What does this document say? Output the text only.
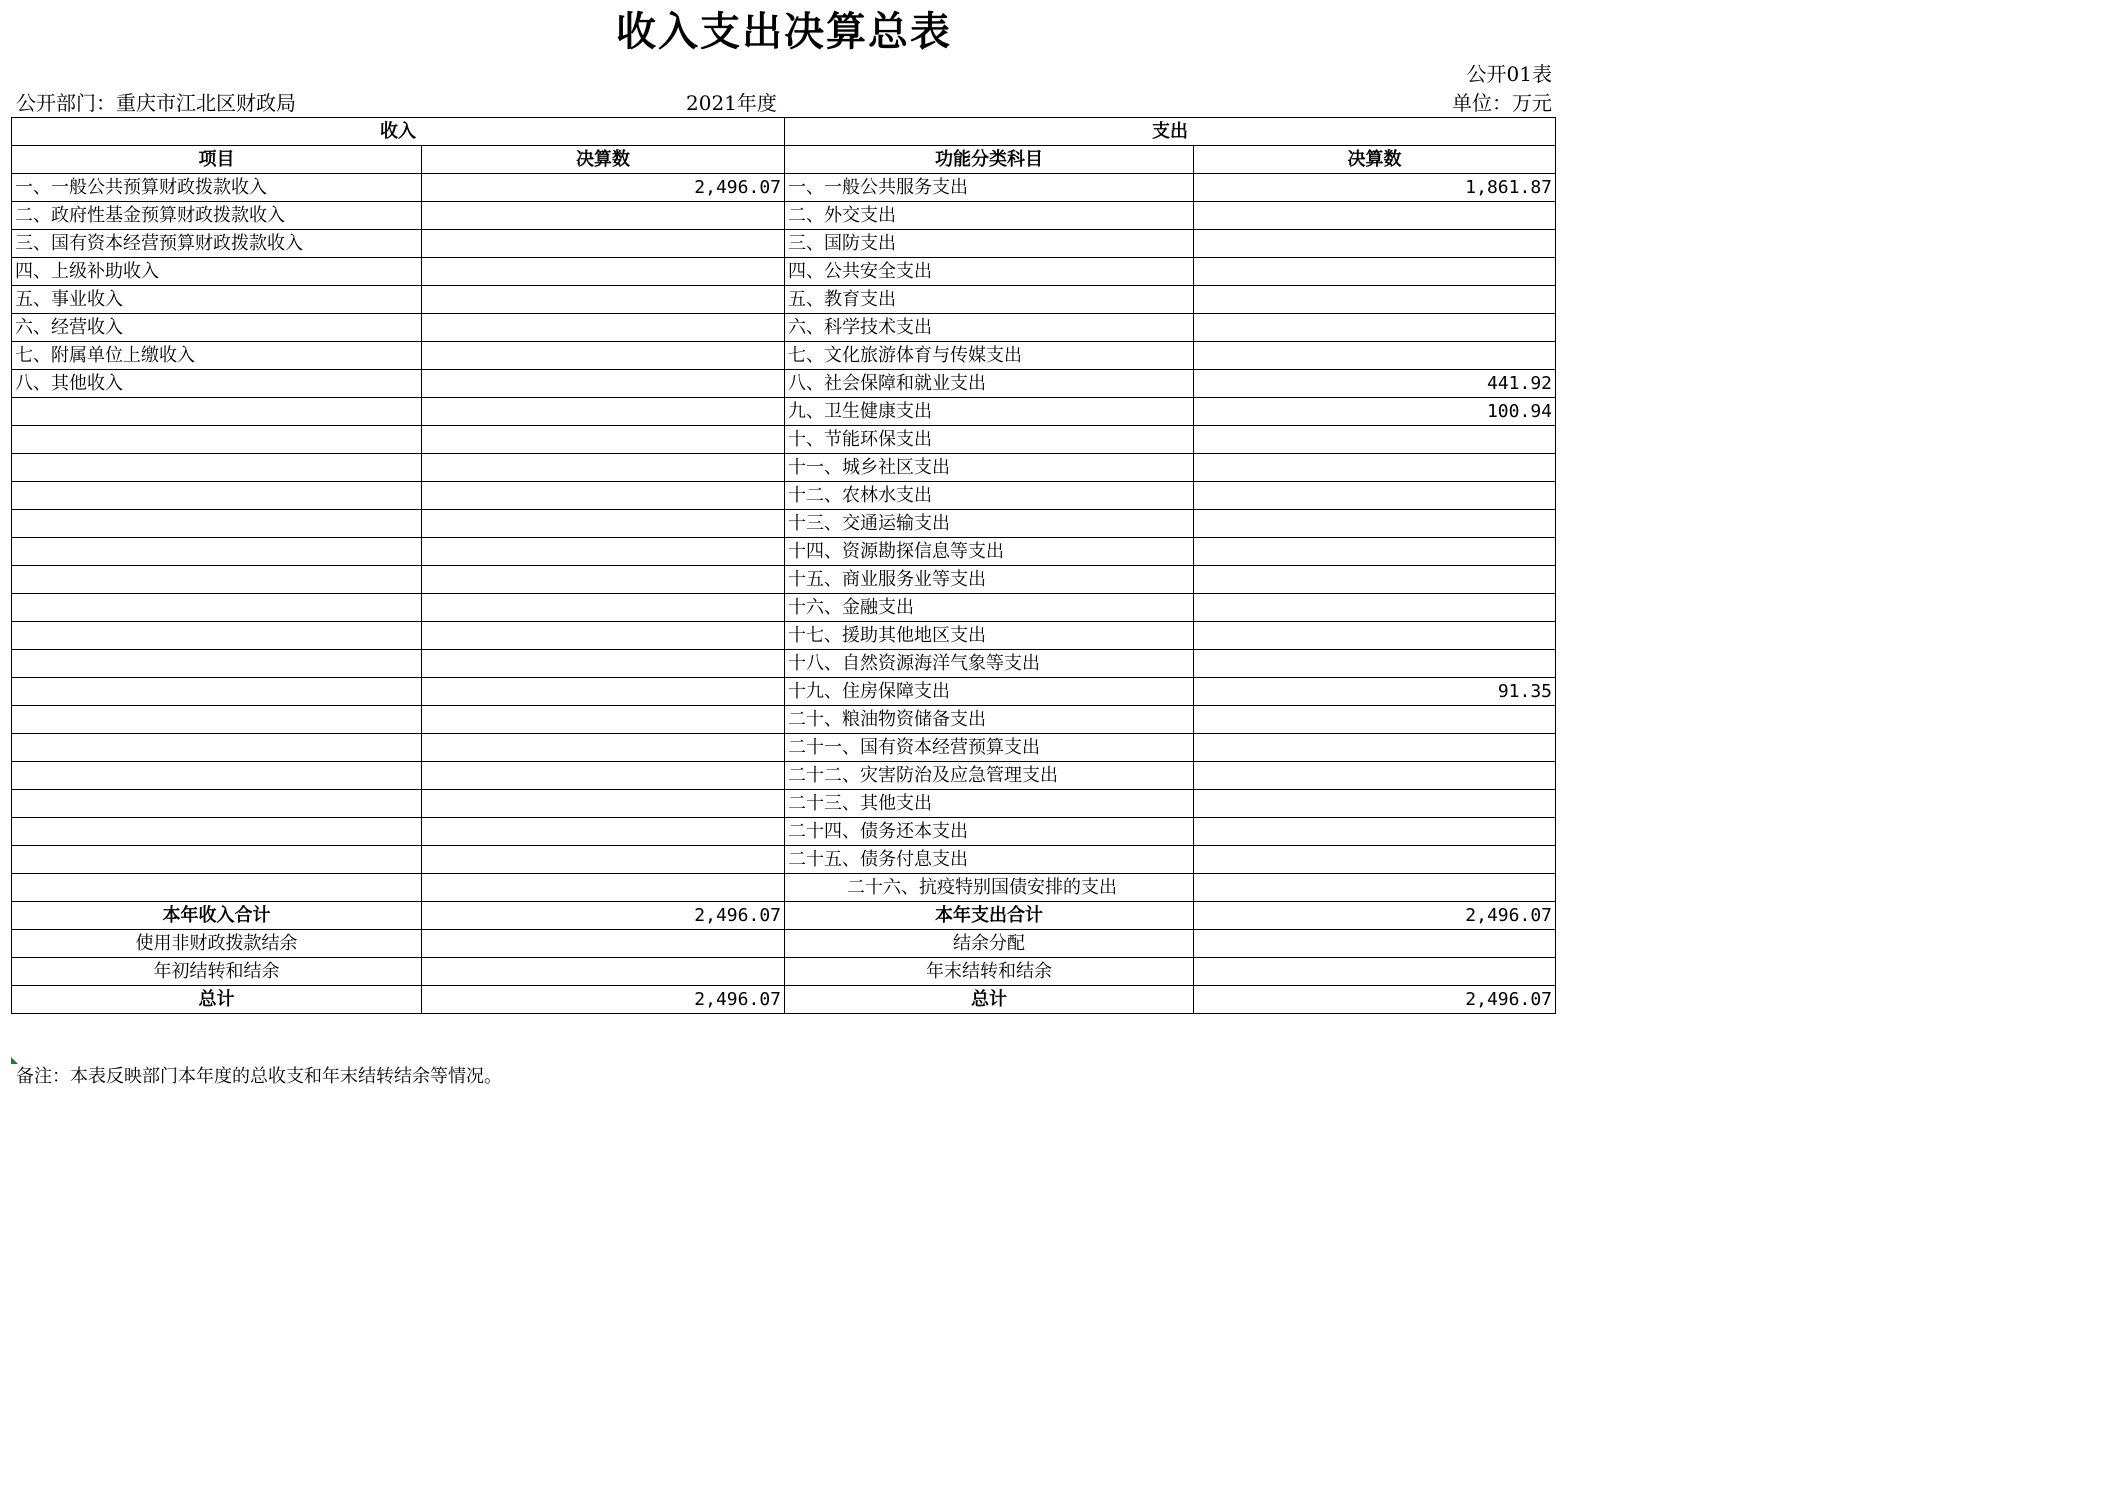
收入支出决算总表
公开01表
公开部门：重庆市江北区财政局	2021年度	单位：万元
收入		支出	
项目	决算数	功能分类科目	决算数
一、一般公共预算财政拨款收入	2,496.07	一、一般公共服务支出	1,861.87
二、政府性基金预算财政拨款收入		二、外交支出	
三、国有资本经营预算财政拨款收入		三、国防支出	
四、上级补助收入		四、公共安全支出	
五、事业收入		五、教育支出	
六、经营收入		六、科学技术支出	
七、附属单位上缴收入		七、文化旅游体育与传媒支出	
八、其他收入		八、社会保障和就业支出	441.92
		九、卫生健康支出	100.94
		十、节能环保支出	
		十一、城乡社区支出	
		十二、农林水支出	
		十三、交通运输支出	
		十四、资源勘探信息等支出	
		十五、商业服务业等支出	
		十六、金融支出	
		十七、援助其他地区支出	
		十八、自然资源海洋气象等支出	
		十九、住房保障支出	91.35
		二十、粮油物资储备支出	
		二十一、国有资本经营预算支出	
		二十二、灾害防治及应急管理支出	
		二十三、其他支出	
		二十四、债务还本支出	
		二十五、债务付息支出	
		二十六、抗疫特别国债安排的支出	
本年收入合计	2,496.07	本年支出合计	2,496.07
使用非财政拨款结余		结余分配	
年初结转和结余		年末结转和结余	
总计	2,496.07	总计	2,496.07
备注：本表反映部门本年度的总收支和年末结转结余等情况。
